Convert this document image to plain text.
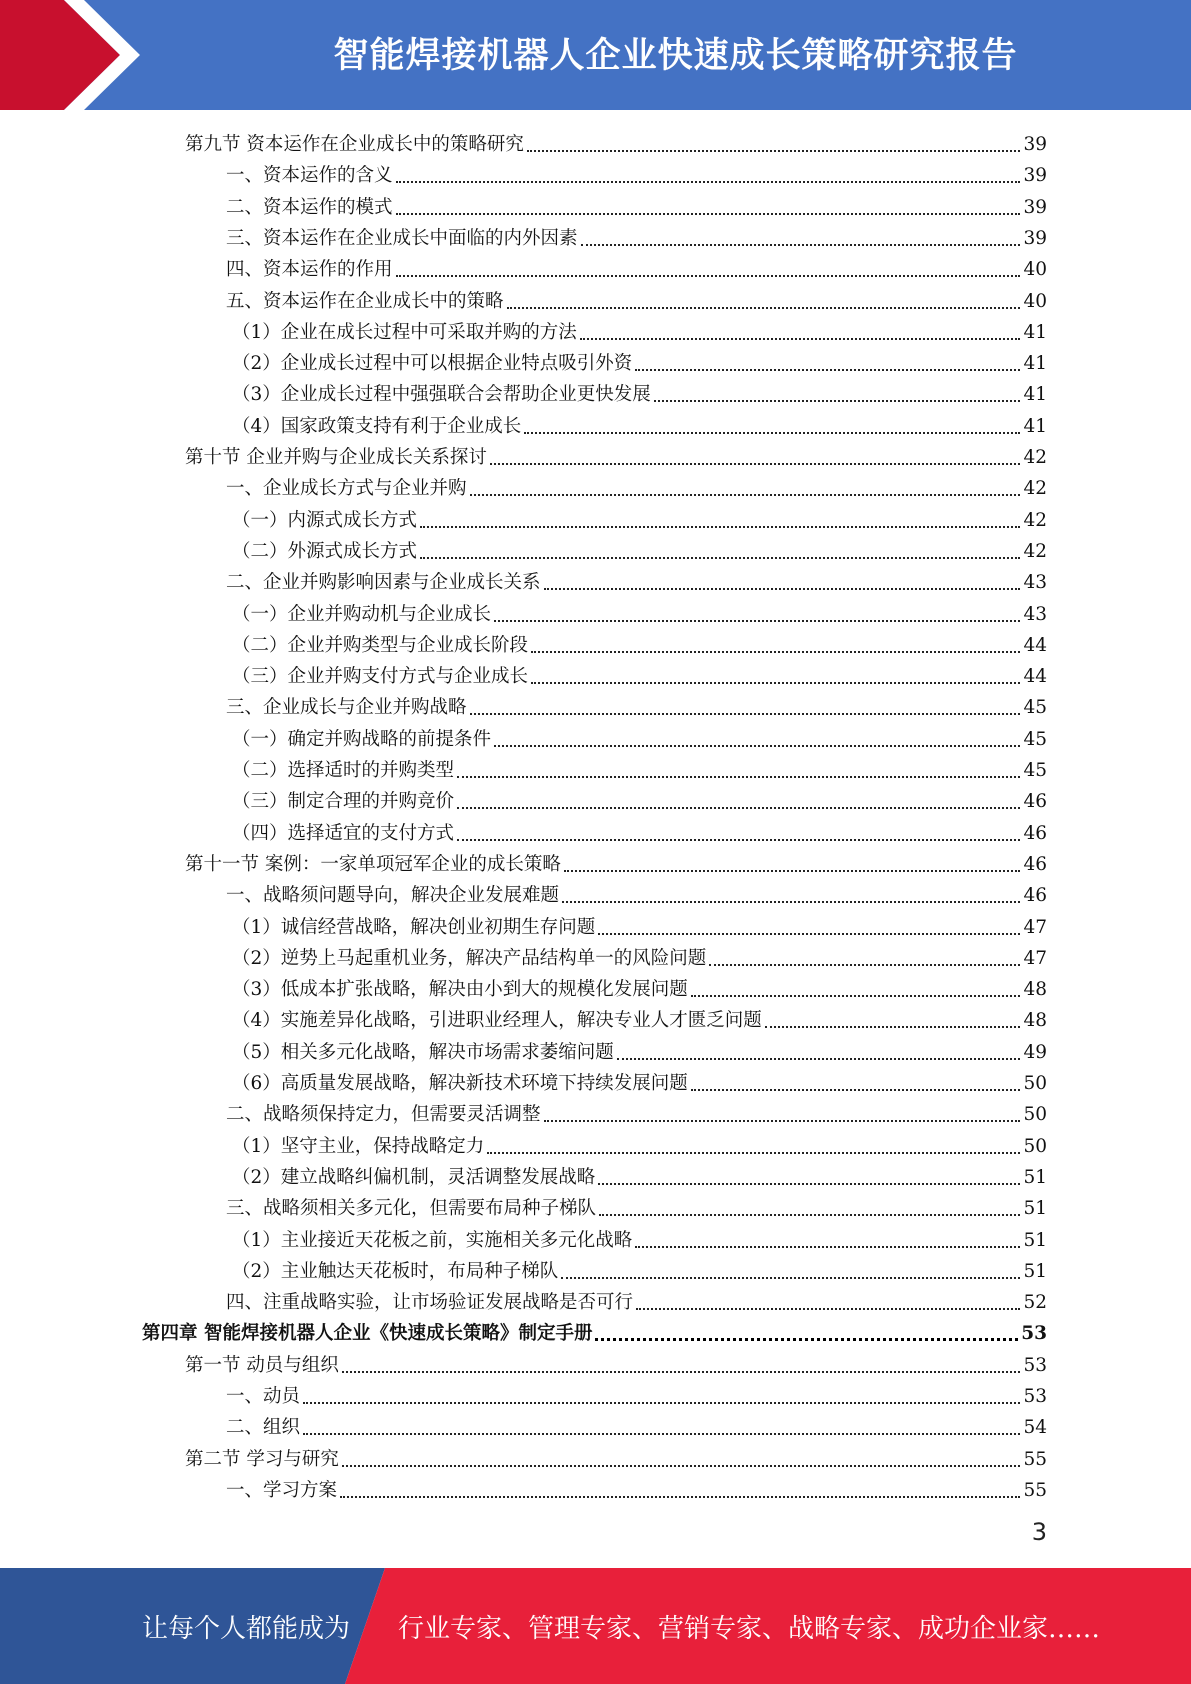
智能焊接机器人企业快速成长策略研究报告
第九节 资本运作在企业成长中的策略研究	39
一、资本运作的含义	39
二、资本运作的模式	39
三、资本运作在企业成长中面临的内外因素	39
四、资本运作的作用	40
五、资本运作在企业成长中的策略	40
（1）企业在成长过程中可采取并购的方法	41
（2）企业成长过程中可以根据企业特点吸引外资	41
（3）企业成长过程中强强联合会帮助企业更快发展	41
（4）国家政策支持有利于企业成长	41
第十节 企业并购与企业成长关系探讨	42
一、企业成长方式与企业并购	42
（一）内源式成长方式	42
（二）外源式成长方式	42
二、企业并购影响因素与企业成长关系	43
（一）企业并购动机与企业成长	43
（二）企业并购类型与企业成长阶段	44
（三）企业并购支付方式与企业成长	44
三、企业成长与企业并购战略	45
（一）确定并购战略的前提条件	45
（二）选择适时的并购类型	45
（三）制定合理的并购竞价	46
（四）选择适宜的支付方式	46
第十一节 案例：一家单项冠军企业的成长策略	46
一、战略须问题导向，解决企业发展难题	46
（1）诚信经营战略，解决创业初期生存问题	47
（2）逆势上马起重机业务，解决产品结构单一的风险问题	47
（3）低成本扩张战略，解决由小到大的规模化发展问题	48
（4）实施差异化战略，引进职业经理人，解决专业人才匮乏问题	48
（5）相关多元化战略，解决市场需求萎缩问题	49
（6）高质量发展战略，解决新技术环境下持续发展问题	50
二、战略须保持定力，但需要灵活调整	50
（1）坚守主业，保持战略定力	50
（2）建立战略纠偏机制，灵活调整发展战略	51
三、战略须相关多元化，但需要布局种子梯队	51
（1）主业接近天花板之前，实施相关多元化战略	51
（2）主业触达天花板时，布局种子梯队	51
四、注重战略实验，让市场验证发展战略是否可行	52
第四章 智能焊接机器人企业《快速成长策略》制定手册	53
第一节 动员与组织	53
一、动员	53
二、组织	54
第二节 学习与研究	55
一、学习方案	55
3
让每个人都能成为 行业专家、管理专家、营销专家、战略专家、成功企业家……
